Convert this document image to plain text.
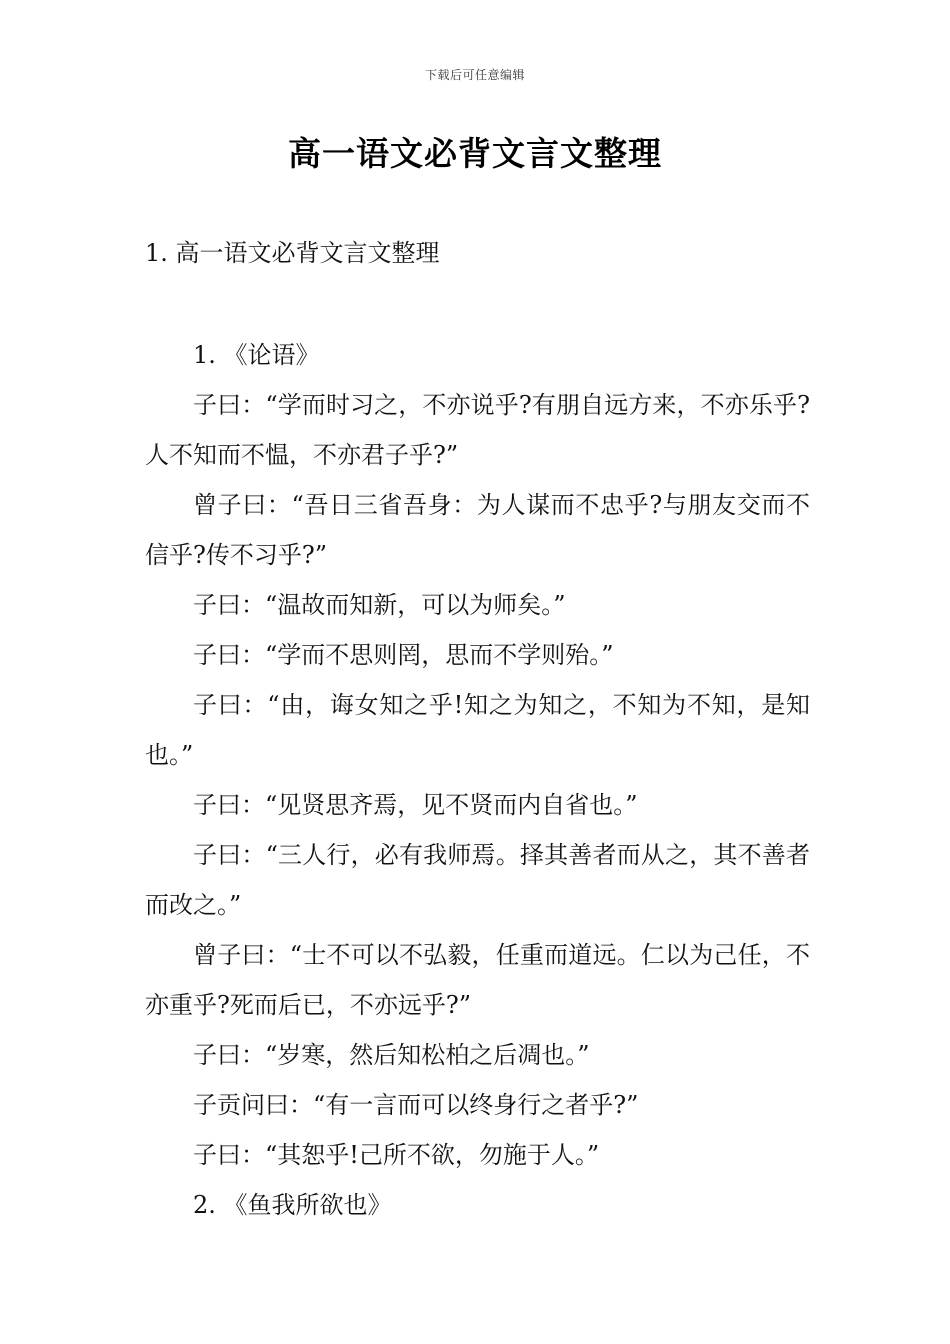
下载后可任意编辑
高一语文必背文言文整理
1. 高一语文必背文言文整理

1. 《论语》

子曰：“学而时习之，不亦说乎?有朋自远方来，不亦乐乎?人不知而不愠，不亦君子乎?”

曾子曰：“吾日三省吾身：为人谋而不忠乎?与朋友交而不信乎?传不习乎?”

子曰：“温故而知新，可以为师矣。”

子曰：“学而不思则罔，思而不学则殆。”

子曰：“由，诲女知之乎!知之为知之，不知为不知，是知也。”

子曰：“见贤思齐焉，见不贤而内自省也。”

子曰：“三人行，必有我师焉。择其善者而从之，其不善者而改之。”

曾子曰：“士不可以不弘毅，任重而道远。仁以为己任，不亦重乎?死而后已，不亦远乎?”

子曰：“岁寒，然后知松柏之后凋也。”

子贡问曰：“有一言而可以终身行之者乎?”

子曰：“其恕乎!己所不欲，勿施于人。”

2. 《鱼我所欲也》
